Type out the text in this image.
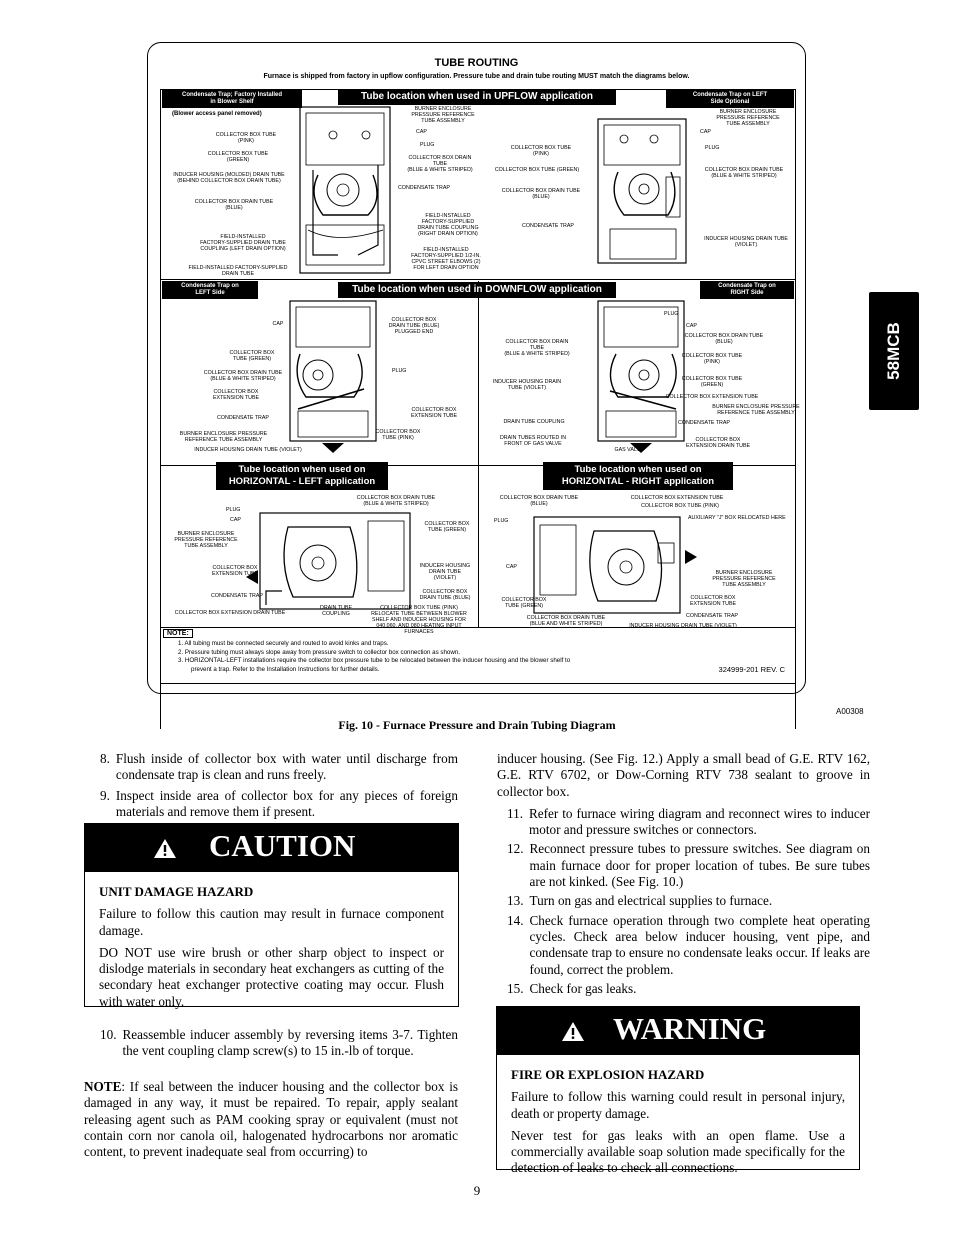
TUBE ROUTING
Furnace is shipped from factory in upflow configuration. Pressure tube and drain tube routing MUST match the diagrams below.
Condensate Trap; Factory Installed
in Blower Shelf	Tube location when used in UPFLOW application	Condensate Trap on LEFT
Side Optional
(Blower access panel removed)
COLLECTOR BOX TUBE
(PINK)
COLLECTOR BOX TUBE
(GREEN)
INDUCER HOUSING (MOLDED) DRAIN TUBE
(BEHIND COLLECTOR BOX DRAIN TUBE)
COLLECTOR BOX DRAIN TUBE
(BLUE)
FIELD-INSTALLED
FACTORY-SUPPLIED DRAIN TUBE
COUPLING (LEFT DRAIN OPTION)
FIELD-INSTALLED FACTORY-SUPPLIED
DRAIN TUBE
BURNER ENCLOSURE
PRESSURE REFERENCE
TUBE ASSEMBLY
CAP
PLUG
COLLECTOR BOX DRAIN
TUBE
(BLUE & WHITE STRIPED)
CONDENSATE TRAP
FIELD-INSTALLED
FACTORY-SUPPLIED
DRAIN TUBE COUPLING
(RIGHT DRAIN OPTION)
FIELD-INSTALLED
FACTORY-SUPPLIED 1/2-IN.
CPVC STREET ELBOWS (2)
FOR LEFT DRAIN OPTION
COLLECTOR BOX TUBE
(PINK)
COLLECTOR BOX TUBE (GREEN)
COLLECTOR BOX DRAIN TUBE
(BLUE)
CONDENSATE TRAP
BURNER ENCLOSURE
PRESSURE REFERENCE
TUBE ASSEMBLY
CAP
PLUG
COLLECTOR BOX DRAIN TUBE
(BLUE & WHITE STRIPED)
INDUCER HOUSING DRAIN TUBE
(VIOLET)
Condensate Trap on
LEFT Side	Tube location when used in DOWNFLOW application	Condensate Trap on
RIGHT Side
CAP
COLLECTOR BOX
TUBE (GREEN)
COLLECTOR BOX DRAIN TUBE
(BLUE & WHITE STRIPED)
COLLECTOR BOX
EXTENSION TUBE
CONDENSATE TRAP
BURNER ENCLOSURE PRESSURE
REFERENCE TUBE ASSEMBLY
INDUCER HOUSING DRAIN TUBE (VIOLET)
COLLECTOR BOX
DRAIN TUBE (BLUE)
PLUGGED END
PLUG
COLLECTOR BOX
EXTENSION TUBE
COLLECTOR BOX
TUBE (PINK)
COLLECTOR BOX DRAIN
TUBE
(BLUE & WHITE STRIPED)
INDUCER HOUSING DRAIN
TUBE (VIOLET)
DRAIN TUBE COUPLING
DRAIN TUBES ROUTED IN
FRONT OF GAS VALVE
GAS VALVE
PLUG
CAP
COLLECTOR BOX DRAIN TUBE
(BLUE)
COLLECTOR BOX TUBE
(PINK)
COLLECTOR BOX TUBE
(GREEN)
COLLECTOR BOX EXTENSION TUBE
BURNER ENCLOSURE PRESSURE
REFERENCE TUBE ASSEMBLY
CONDENSATE TRAP
COLLECTOR BOX
EXTENSION DRAIN TUBE
Tube location when used on
HORIZONTAL - LEFT application
PLUG
CAP
BURNER ENCLOSURE
PRESSURE REFERENCE
TUBE ASSEMBLY
COLLECTOR BOX
EXTENSION TUBE
CONDENSATE TRAP
COLLECTOR BOX EXTENSION DRAIN TUBE
COLLECTOR BOX DRAIN TUBE
(BLUE & WHITE STRIPED)
COLLECTOR BOX
TUBE (GREEN)
INDUCER HOUSING
DRAIN TUBE
(VIOLET)
COLLECTOR BOX
DRAIN TUBE (BLUE)
DRAIN TUBE
COUPLING
COLLECTOR BOX TUBE (PINK)
RELOCATE TUBE BETWEEN BLOWER
SHELF AND INDUCER HOUSING FOR
040,060, AND 080 HEATING INPUT
FURNACES
Tube location when used on
HORIZONTAL - RIGHT application
COLLECTOR BOX DRAIN TUBE
(BLUE)
PLUG
CAP
COLLECTOR BOX
TUBE (GREEN)
COLLECTOR BOX DRAIN TUBE
(BLUE AND WHITE STRIPED)
COLLECTOR BOX EXTENSION TUBE
COLLECTOR BOX TUBE (PINK)
AUXILIARY "J" BOX RELOCATED HERE
BURNER ENCLOSURE
PRESSURE REFERENCE
TUBE ASSEMBLY
COLLECTOR BOX
EXTENSION TUBE
CONDENSATE TRAP
INDUCER HOUSING DRAIN TUBE (VIOLET)
NOTE:
1. All tubing must be connected securely and routed to avoid kinks and traps.
2. Pressure tubing must always slope away from pressure switch to collector box connection as shown.
3. HORIZONTAL-LEFT installations require the collector box pressure tube to be relocated between the inducer housing and the blower shelf to
prevent a trap. Refer to the Installation Instructions for further details.	324999-201 REV. C
A00308
Fig. 10 - Furnace Pressure and Drain Tubing Diagram
58MCB
8. Flush inside of collector box with water until discharge from condensate trap is clean and runs freely.
9. Inspect inside area of collector box for any pieces of foreign materials and remove them if present.
CAUTION
UNIT DAMAGE HAZARD

Failure to follow this caution may result in furnace component damage.

DO NOT use wire brush or other sharp object to inspect or dislodge materials in secondary heat exchangers as cutting of the secondary heat exchanger protective coating may occur. Flush with water only.

10. Reassemble inducer assembly by reversing items 3-7. Tighten the vent coupling clamp screw(s) to 15 in.-lb of torque.
NOTE: If seal between the inducer housing and the collector box is damaged in any way, it must be repaired. To repair, apply sealant releasing agent such as PAM cooking spray or equivalent (must not contain corn nor canola oil, halogenated hydrocarbons nor aromatic content, to prevent inadequate seal from occurring) to
inducer housing. (See Fig. 12.) Apply a small bead of G.E. RTV 162, G.E. RTV 6702, or Dow-Corning RTV 738 sealant to groove in collector box.
11. Refer to furnace wiring diagram and reconnect wires to inducer motor and pressure switches or connectors.
12. Reconnect pressure tubes to pressure switches. See diagram on main furnace door for proper location of tubes. Be sure tubes are not kinked. (See Fig. 10.)
13. Turn on gas and electrical supplies to furnace.
14. Check furnace operation through two complete heat operating cycles. Check area below inducer housing, vent pipe, and condensate trap to ensure no condensate leaks occur. If leaks are found, correct the problem.
15. Check for gas leaks.
WARNING
FIRE OR EXPLOSION HAZARD

Failure to follow this warning could result in personal injury, death or property damage.

Never test for gas leaks with an open flame. Use a commercially available soap solution made specifically for the detection of leaks to check all connections.

9
